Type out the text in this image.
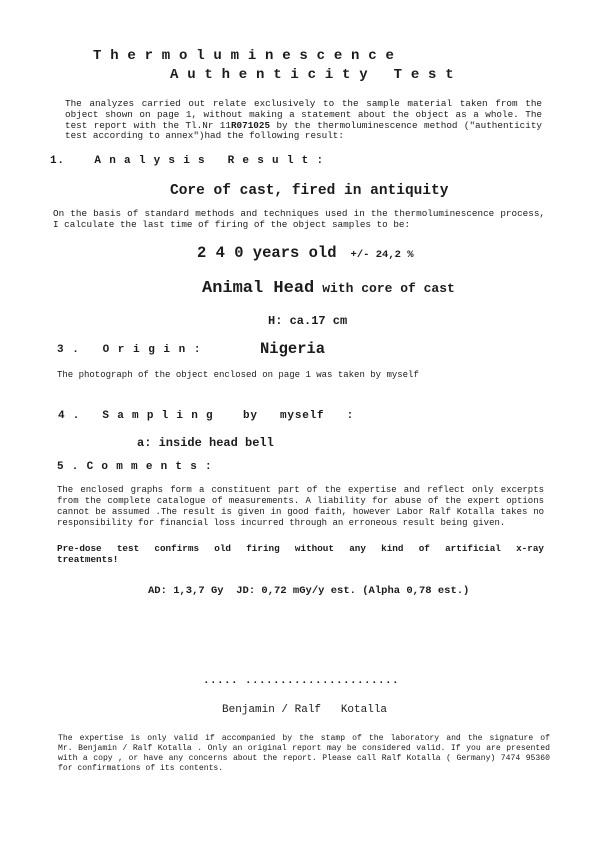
T h e r m o l u m i n e s c e n c e
A u t h e n t i c i t y   T e s t
The analyzes carried out relate exclusively to the sample material taken from the
object shown on page 1, without making a statement about the object as a whole. The
test report with the Tl.Nr 11R071025 by the thermoluminescence method ("authenticity
test according to annex")had the following result:
1.    A n a l y s i s   R e s u l t :
Core of cast, fired in antiquity
On the basis of standard methods and techniques used in the thermoluminescence process,
I calculate the last time of firing of the object samples to be:
2 4 0 years old +/- 24,2 %
Animal Head with core of cast
H: ca.17 cm
3 .   O r i g i n :	Nigeria
The photograph of the object enclosed on page 1 was taken by myself
4 .   S a m p l i n g    by   myself   :
a: inside head bell
5 . C o m m e n t s :
The enclosed graphs form a constituent part of the expertise and reflect only excerpts
from the complete catalogue of measurements. A liability for abuse of the expert options
cannot be assumed .The result is given in good faith, however Labor Ralf Kotalla takes no
responsibility for financial loss incurred through an erroneous result being given.
Pre-dose test confirms old firing without any kind of artificial x-ray
treatments!
AD: 1,3,7 Gy  JD: 0,72 mGy/y est. (Alpha 0,78 est.)
..... ......................
Benjamin / Ralf   Kotalla
The expertise is only valid if accompanied by the stamp of the laboratory and the signature of
Mr. Benjamin / Ralf Kotalla . Only an original report may be considered valid. If you are presented
with a copy , or have any concerns about the report. Please call Ralf Kotalla ( Germany) 7474 95360
for confirmations of its contents.
